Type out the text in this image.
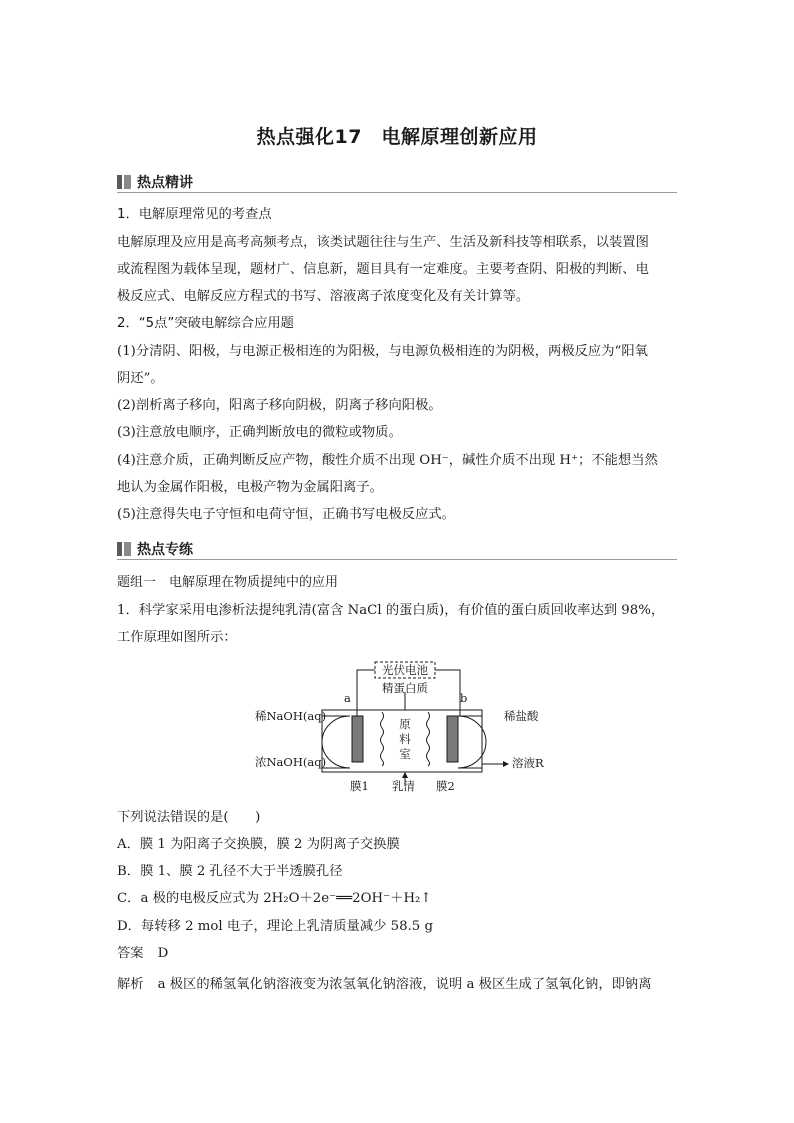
热点强化17　电解原理创新应用
热点精讲
1．电解原理常见的考查点
电解原理及应用是高考高频考点，该类试题往往与生产、生活及新科技等相联系，以装置图
或流程图为载体呈现，题材广、信息新，题目具有一定难度。主要考查阴、阳极的判断、电
极反应式、电解反应方程式的书写、溶液离子浓度变化及有关计算等。
2．“5点”突破电解综合应用题
(1)分清阴、阳极，与电源正极相连的为阳极，与电源负极相连的为阴极，两极反应为“阳氧
阴还”。
(2)剖析离子移向，阳离子移向阴极，阴离子移向阳极。
(3)注意放电顺序，正确判断放电的微粒或物质。
(4)注意介质，正确判断反应产物，酸性介质不出现 OH⁻，碱性介质不出现 H⁺；不能想当然
地认为金属作阳极，电极产物为金属阳离子。
(5)注意得失电子守恒和电荷守恒，正确书写电极反应式。
热点专练
题组一　电解原理在物质提纯中的应用
1．科学家采用电渗析法提纯乳清(富含 NaCl 的蛋白质)，有价值的蛋白质回收率达到 98%，
工作原理如图所示：
光伏电池
精蛋白质
a	b
原
料
室
稀NaOH(aq)
浓NaOH(aq)
稀盐酸
溶液R
膜1 乳清 膜2
下列说法错误的是(　　)
A．膜 1 为阳离子交换膜，膜 2 为阴离子交换膜
B．膜 1、膜 2 孔径不大于半透膜孔径
C．a 极的电极反应式为 2H₂O＋2e⁻══2OH⁻＋H₂↑
D．每转移 2 mol 电子，理论上乳清质量减少 58.5 g
答案 D
解析 a 极区的稀氢氧化钠溶液变为浓氢氧化钠溶液，说明 a 极区生成了氢氧化钠，即钠离
